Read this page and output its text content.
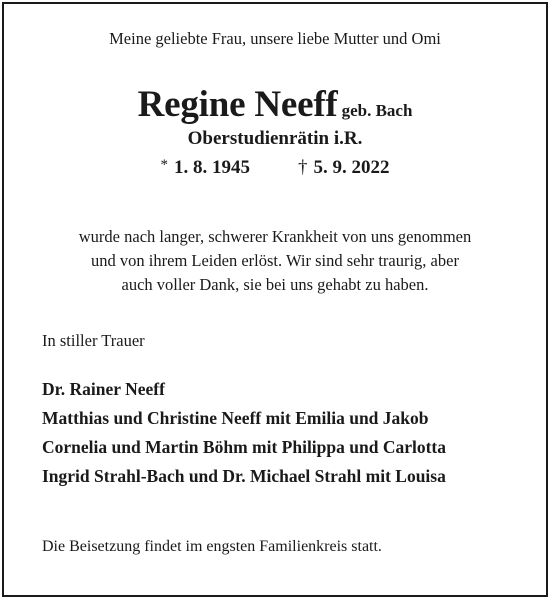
Meine geliebte Frau, unsere liebe Mutter und Omi
Regine Neeff geb. Bach
Oberstudienrätin i.R.
* 1. 8. 1945	† 5. 9. 2022
wurde nach langer, schwerer Krankheit von uns genommen
und von ihrem Leiden erlöst. Wir sind sehr traurig, aber
auch voller Dank, sie bei uns gehabt zu haben.
In stiller Trauer
Dr. Rainer Neeff
Matthias und Christine Neeff mit Emilia und Jakob
Cornelia und Martin Böhm mit Philippa und Carlotta
Ingrid Strahl-Bach und Dr. Michael Strahl mit Louisa
Die Beisetzung findet im engsten Familienkreis statt.
